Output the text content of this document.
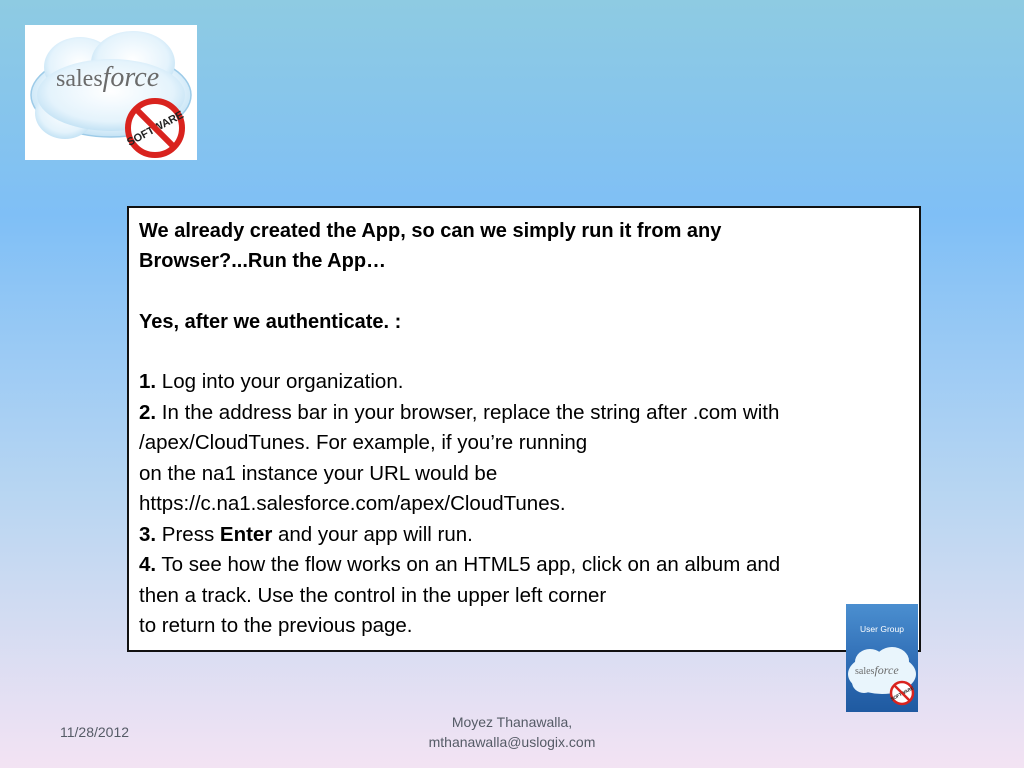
salesforce

We already created the App, so can we simply run it from any

Browser?...Run the App…

Yes, after we authenticate. :

1. Log into your organization.

2. In the address bar in your browser, replace the string after .com with

/apex/CloudTunes. For example, if you’re running

on the na1 instance your URL would be

https://c.na1.salesforce.com/apex/CloudTunes.

3. Press Enter and your app will run.

4. To see how the flow works on an HTML5 app, click on an album and

then a track. Use the control in the upper left corner

to return to the previous page.	User Group
salesforce
11/28/2012
Moyez Thanawalla,
mthanawalla@uslogix.com
